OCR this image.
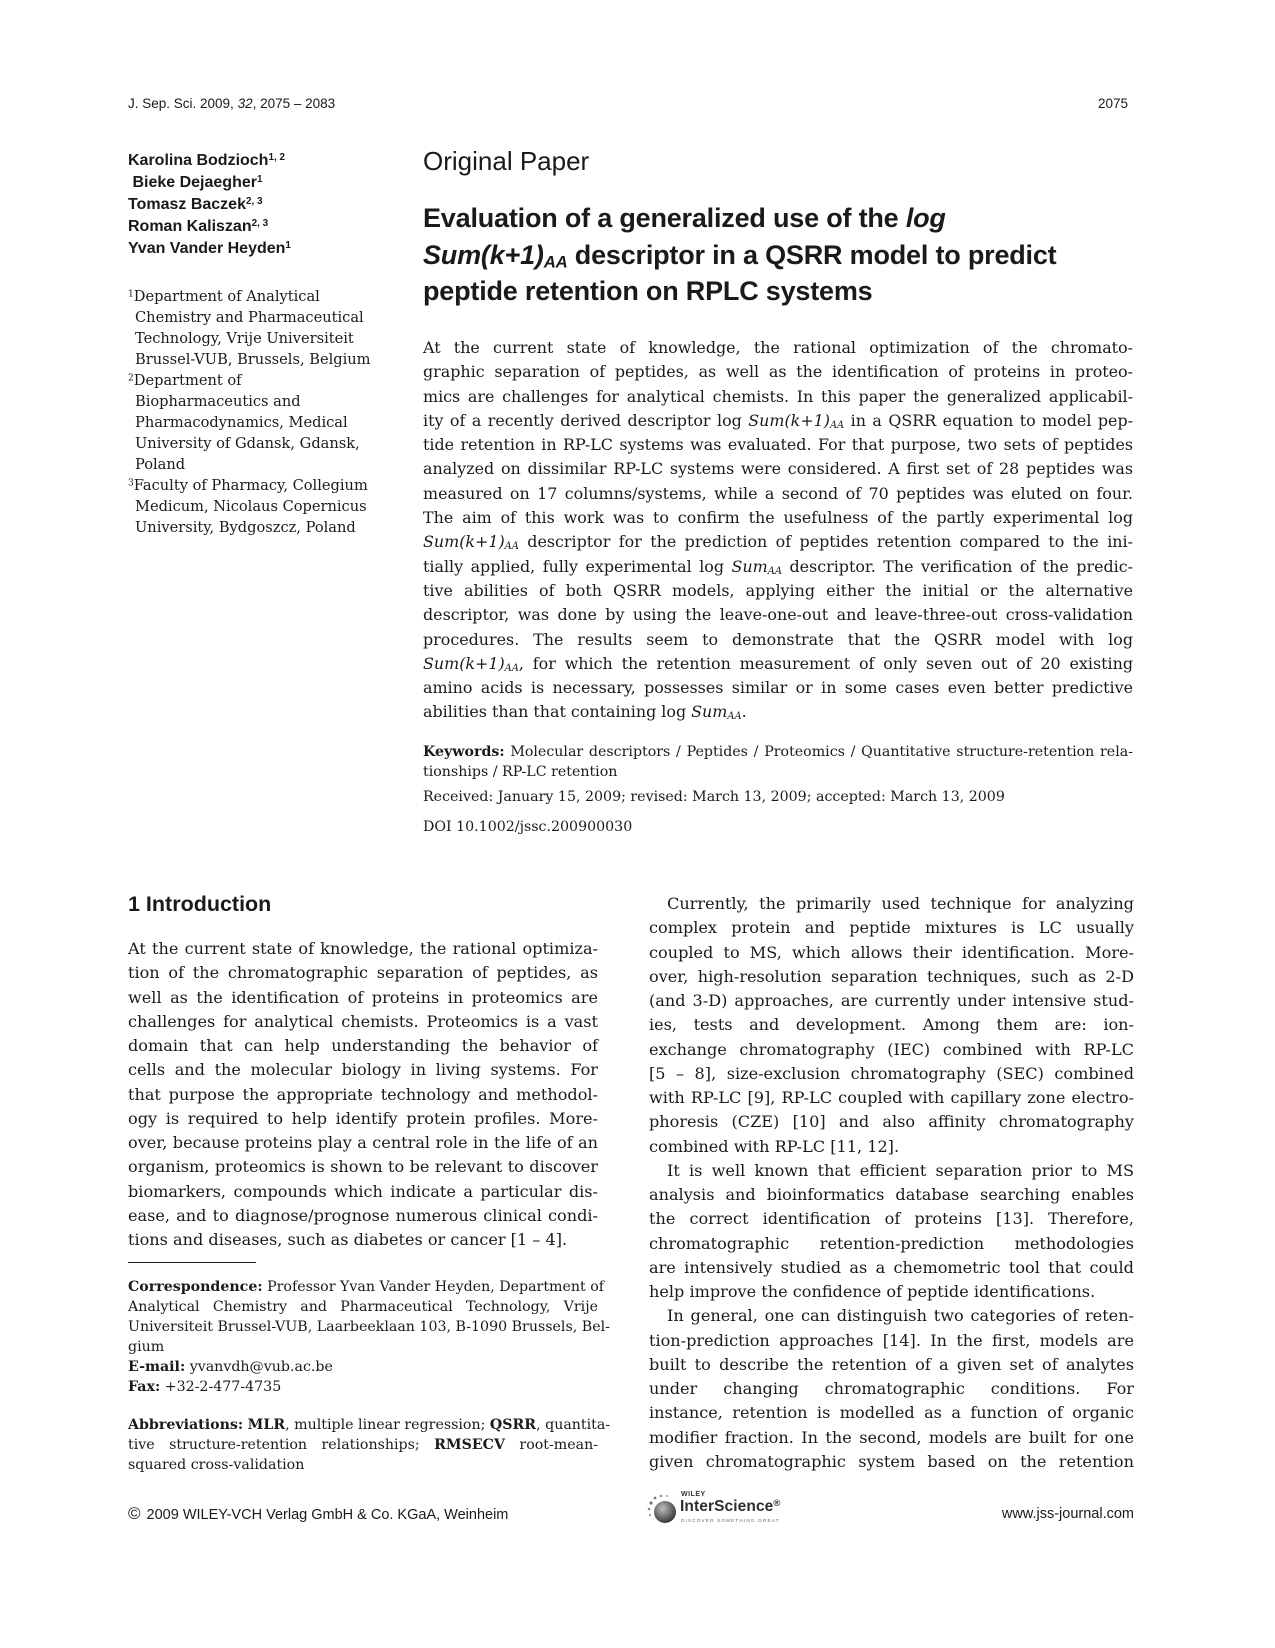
J. Sep. Sci. 2009, 32, 2075 – 2083	2075
Karolina Bodzioch$^{1, 2}$
Bieke Dejaegher$^1$
Tomasz Baczek$^{2, 3}$
Roman Kaliszan$^{2, 3}$
Yvan Vander Heyden$^1$
$^1$Department of Analytical
Chemistry and Pharmaceutical
Technology, Vrije Universiteit
Brussel-VUB, Brussels, Belgium
$^2$Department of
Biopharmaceutics and
Pharmacodynamics, Medical
University of Gdansk, Gdansk,
Poland
$^3$Faculty of Pharmacy, Collegium
Medicum, Nicolaus Copernicus
University, Bydgoszcz, Poland
Original Paper
Evaluation of a generalized use of the log
$Sum(k+1)_{AA}$ descriptor in a QSRR model to predict
peptide retention on RPLC systems
At the current state of knowledge, the rational optimization of the chromato-
graphic separation of peptides, as well as the identification of proteins in proteo-
mics are challenges for analytical chemists. In this paper the generalized applicabil-
ity of a recently derived descriptor $\log Sum(k+1)_{AA}$ in a QSRR equation to model pep-
tide retention in RP-LC systems was evaluated. For that purpose, two sets of peptides
analyzed on dissimilar RP-LC systems were considered. A first set of 28 peptides was
measured on 17 columns/systems, while a second of 70 peptides was eluted on four.
The aim of this work was to confirm the usefulness of the partly experimental log
$Sum(k+1)_{AA}$ descriptor for the prediction of peptides retention compared to the ini-
tially applied, fully experimental log Sum$_{AA}$ descriptor. The verification of the predic-
tive abilities of both QSRR models, applying either the initial or the alternative
descriptor, was done by using the leave-one-out and leave-three-out cross-validation
procedures. The results seem to demonstrate that the QSRR model with log
$Sum(k+1)_{AA}$, for which the retention measurement of only seven out of 20 existing
amino acids is necessary, possesses similar or in some cases even better predictive
abilities than that containing log Sum$_{AA}$.
Keywords: Molecular descriptors / Peptides / Proteomics / Quantitative structure-retention rela-
tionships / RP-LC retention
Received: January 15, 2009; revised: March 13, 2009; accepted: March 13, 2009
DOI 10.1002/jssc.200900030
1 Introduction
At the current state of knowledge, the rational optimiza-
tion of the chromatographic separation of peptides, as
well as the identification of proteins in proteomics are
challenges for analytical chemists. Proteomics is a vast
domain that can help understanding the behavior of
cells and the molecular biology in living systems. For
that purpose the appropriate technology and methodol-
ogy is required to help identify protein profiles. More-
over, because proteins play a central role in the life of an
organism, proteomics is shown to be relevant to discover
biomarkers, compounds which indicate a particular dis-
ease, and to diagnose/prognose numerous clinical condi-
tions and diseases, such as diabetes or cancer [1 – 4].
Correspondence: Professor Yvan Vander Heyden, Department of
Analytical Chemistry and Pharmaceutical Technology, Vrije
Universiteit Brussel-VUB, Laarbeeklaan 103, B-1090 Brussels, Bel-
gium
E-mail: yvanvdh@vub.ac.be
Fax: +32-2-477-4735
Abbreviations: MLR, multiple linear regression; QSRR, quantita-
tive structure-retention relationships; RMSECV root-mean-
squared cross-validation
Currently, the primarily used technique for analyzing
complex protein and peptide mixtures is LC usually
coupled to MS, which allows their identification. More-
over, high-resolution separation techniques, such as 2-D
(and 3-D) approaches, are currently under intensive stud-
ies, tests and development. Among them are: ion-
exchange chromatography (IEC) combined with RP-LC
[5 – 8], size-exclusion chromatography (SEC) combined
with RP-LC [9], RP-LC coupled with capillary zone electro-
phoresis (CZE) [10] and also affinity chromatography
combined with RP-LC [11, 12].
It is well known that efficient separation prior to MS
analysis and bioinformatics database searching enables
the correct identification of proteins [13]. Therefore,
chromatographic retention-prediction methodologies
are intensively studied as a chemometric tool that could
help improve the confidence of peptide identifications.
In general, one can distinguish two categories of reten-
tion-prediction approaches [14]. In the first, models are
built to describe the retention of a given set of analytes
under changing chromatographic conditions. For
instance, retention is modelled as a function of organic
modifier fraction. In the second, models are built for one
given chromatographic system based on the retention
© 2009 WILEY-VCH Verlag GmbH & Co. KGaA, Weinheim
WILEY
InterScience®
DISCOVER SOMETHING GREAT	www.jss-journal.com
